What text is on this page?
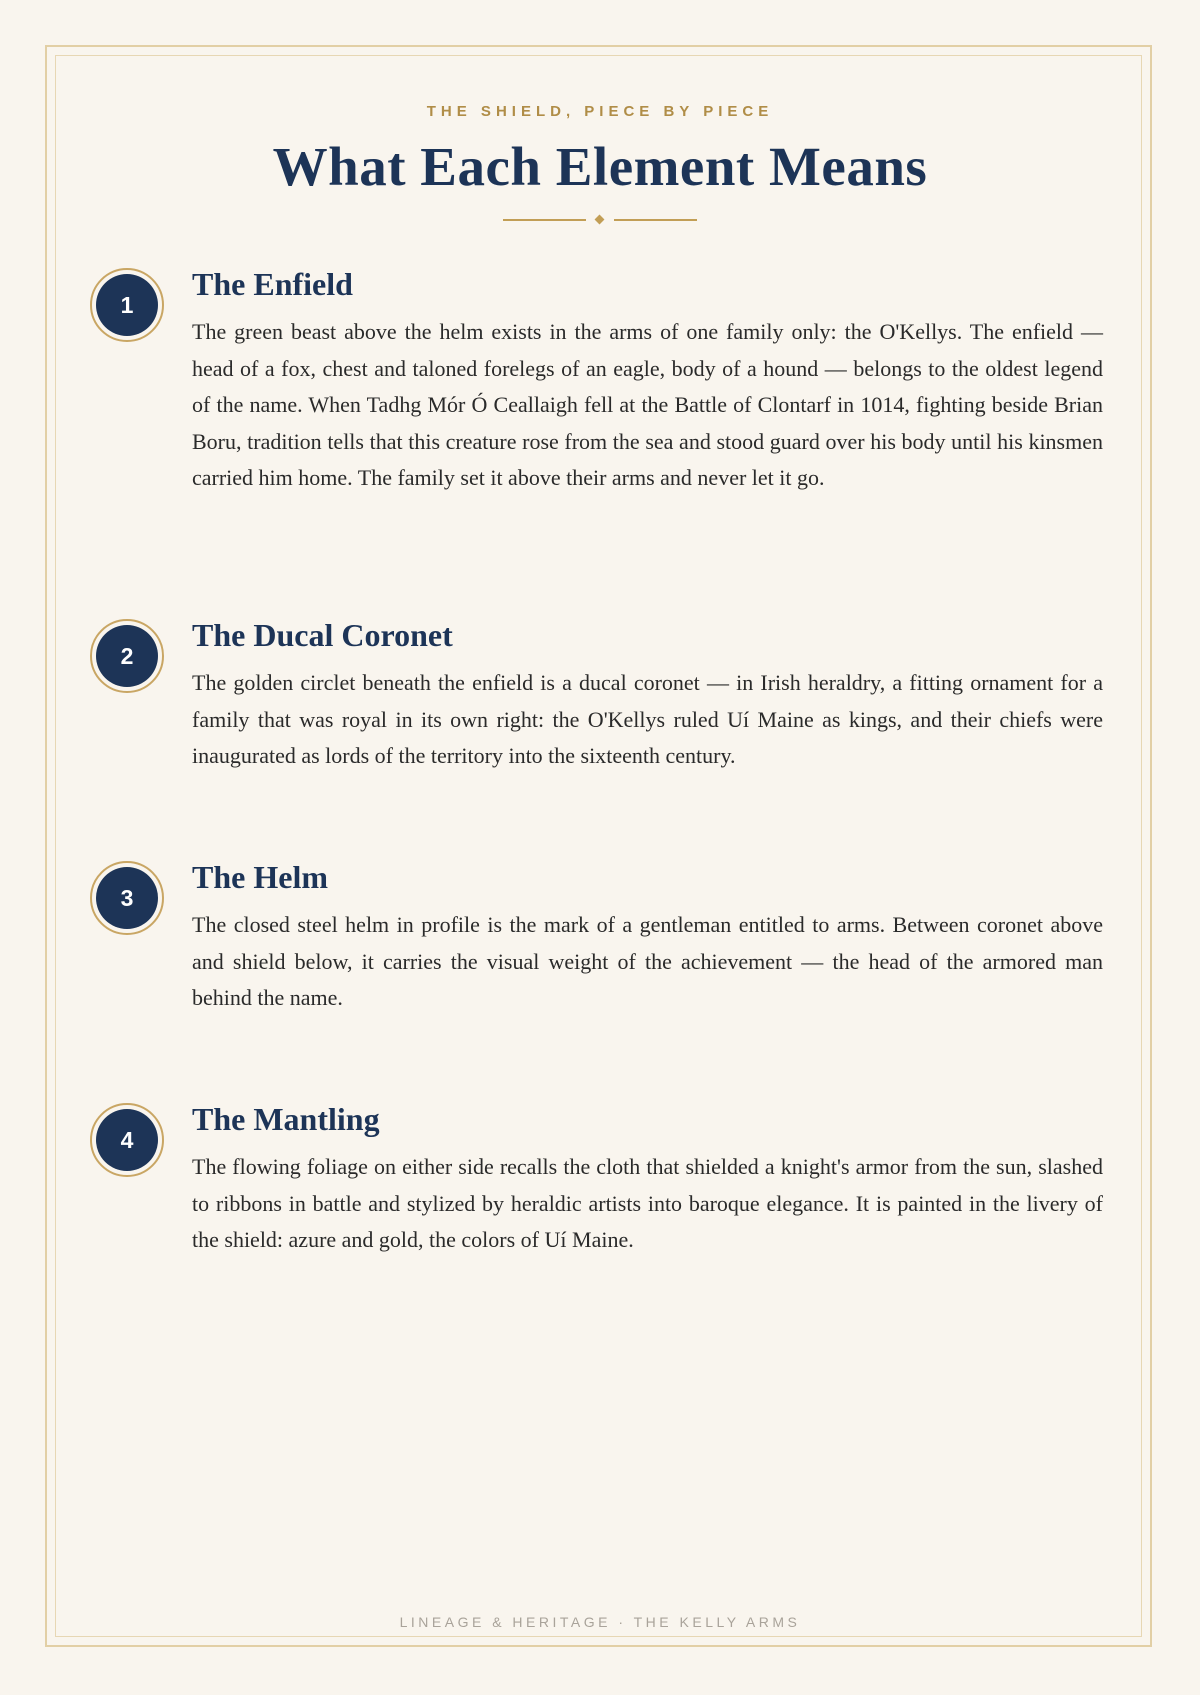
THE SHIELD, PIECE BY PIECE
What Each Element Means
1
The Enfield
The green beast above the helm exists in the arms of one family only: the O'Kellys. The enfield — head of a fox, chest and taloned forelegs of an eagle, body of a hound — belongs to the oldest legend of the name. When Tadhg Mór Ó Ceallaigh fell at the Battle of Clontarf in 1014, fighting beside Brian Boru, tradition tells that this creature rose from the sea and stood guard over his body until his kinsmen carried him home. The family set it above their arms and never let it go.
2
The Ducal Coronet
The golden circlet beneath the enfield is a ducal coronet — in Irish heraldry, a fitting ornament for a family that was royal in its own right: the O'Kellys ruled Uí Maine as kings, and their chiefs were inaugurated as lords of the territory into the sixteenth century.
3
The Helm
The closed steel helm in profile is the mark of a gentleman entitled to arms. Between coronet above and shield below, it carries the visual weight of the achievement — the head of the armored man behind the name.
4
The Mantling
The flowing foliage on either side recalls the cloth that shielded a knight's armor from the sun, slashed to ribbons in battle and stylized by heraldic artists into baroque elegance. It is painted in the livery of the shield: azure and gold, the colors of Uí Maine.
LINEAGE & HERITAGE · THE KELLY ARMS
